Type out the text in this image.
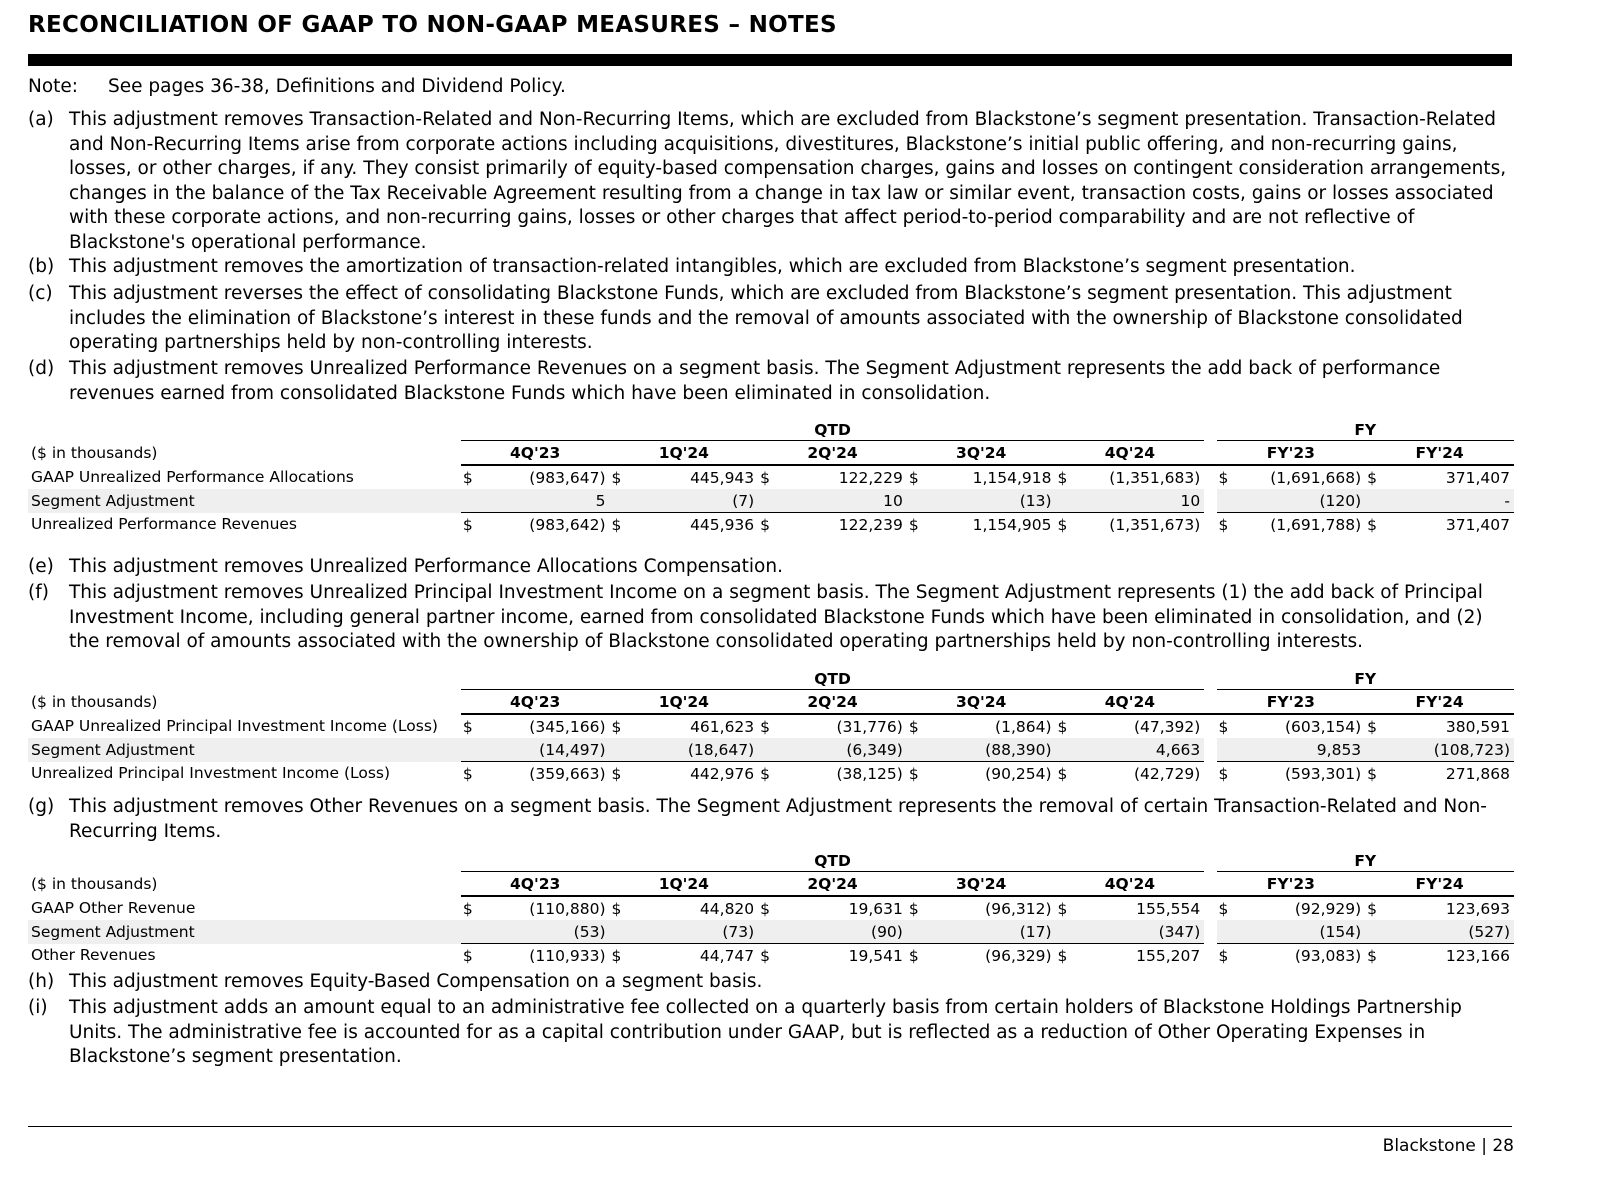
RECONCILIATION OF GAAP TO NON-GAAP MEASURES – NOTES
Note: See pages 36-38, Definitions and Dividend Policy.
(a) This adjustment removes Transaction-Related and Non-Recurring Items, which are excluded from Blackstone’s segment presentation. Transaction-Related and Non-Recurring Items arise from corporate actions including acquisitions, divestitures, Blackstone’s initial public offering, and non-recurring gains, losses, or other charges, if any. They consist primarily of equity-based compensation charges, gains and losses on contingent consideration arrangements, changes in the balance of the Tax Receivable Agreement resulting from a change in tax law or similar event, transaction costs, gains or losses associated with these corporate actions, and non-recurring gains, losses or other charges that affect period-to-period comparability and are not reflective of Blackstone's operational performance.
(b) This adjustment removes the amortization of transaction-related intangibles, which are excluded from Blackstone’s segment presentation.
(c) This adjustment reverses the effect of consolidating Blackstone Funds, which are excluded from Blackstone’s segment presentation. This adjustment includes the elimination of Blackstone’s interest in these funds and the removal of amounts associated with the ownership of Blackstone consolidated operating partnerships held by non-controlling interests.
(d) This adjustment removes Unrealized Performance Revenues on a segment basis. The Segment Adjustment represents the add back of performance revenues earned from consolidated Blackstone Funds which have been eliminated in consolidation.
	QTD											FY			
($ in thousands)	4Q'23		1Q'24		2Q'24		3Q'24		4Q'24			FY'23		FY'24	
GAAP Unrealized Performance Allocations	$	(983,647)	$	445,943	$	122,229	$	1,154,918	$	(1,351,683)		$	(1,691,668)	$	371,407
Segment Adjustment		5		(7)		10		(13)		10			(120)		-
Unrealized Performance Revenues	$	(983,642)	$	445,936	$	122,239	$	1,154,905	$	(1,351,673)		$	(1,691,788)	$	371,407
(e) This adjustment removes Unrealized Performance Allocations Compensation.
(f) This adjustment removes Unrealized Principal Investment Income on a segment basis. The Segment Adjustment represents (1) the add back of Principal Investment Income, including general partner income, earned from consolidated Blackstone Funds which have been eliminated in consolidation, and (2) the removal of amounts associated with the ownership of Blackstone consolidated operating partnerships held by non-controlling interests.
	QTD											FY			
($ in thousands)	4Q'23		1Q'24		2Q'24		3Q'24		4Q'24			FY'23		FY'24	
GAAP Unrealized Principal Investment Income (Loss)	$	(345,166)	$	461,623	$	(31,776)	$	(1,864)	$	(47,392)		$	(603,154)	$	380,591
Segment Adjustment		(14,497)		(18,647)		(6,349)		(88,390)		4,663			9,853		(108,723)
Unrealized Principal Investment Income (Loss)	$	(359,663)	$	442,976	$	(38,125)	$	(90,254)	$	(42,729)		$	(593,301)	$	271,868
(g) This adjustment removes Other Revenues on a segment basis. The Segment Adjustment represents the removal of certain Transaction-Related and Non-Recurring Items.
	QTD											FY			
($ in thousands)	4Q'23		1Q'24		2Q'24		3Q'24		4Q'24			FY'23		FY'24	
GAAP Other Revenue	$	(110,880)	$	44,820	$	19,631	$	(96,312)	$	155,554		$	(92,929)	$	123,693
Segment Adjustment		(53)		(73)		(90)		(17)		(347)			(154)		(527)
Other Revenues	$	(110,933)	$	44,747	$	19,541	$	(96,329)	$	155,207		$	(93,083)	$	123,166
(h) This adjustment removes Equity-Based Compensation on a segment basis.
(i) This adjustment adds an amount equal to an administrative fee collected on a quarterly basis from certain holders of Blackstone Holdings Partnership Units. The administrative fee is accounted for as a capital contribution under GAAP, but is reflected as a reduction of Other Operating Expenses in Blackstone’s segment presentation.
Blackstone | 28
